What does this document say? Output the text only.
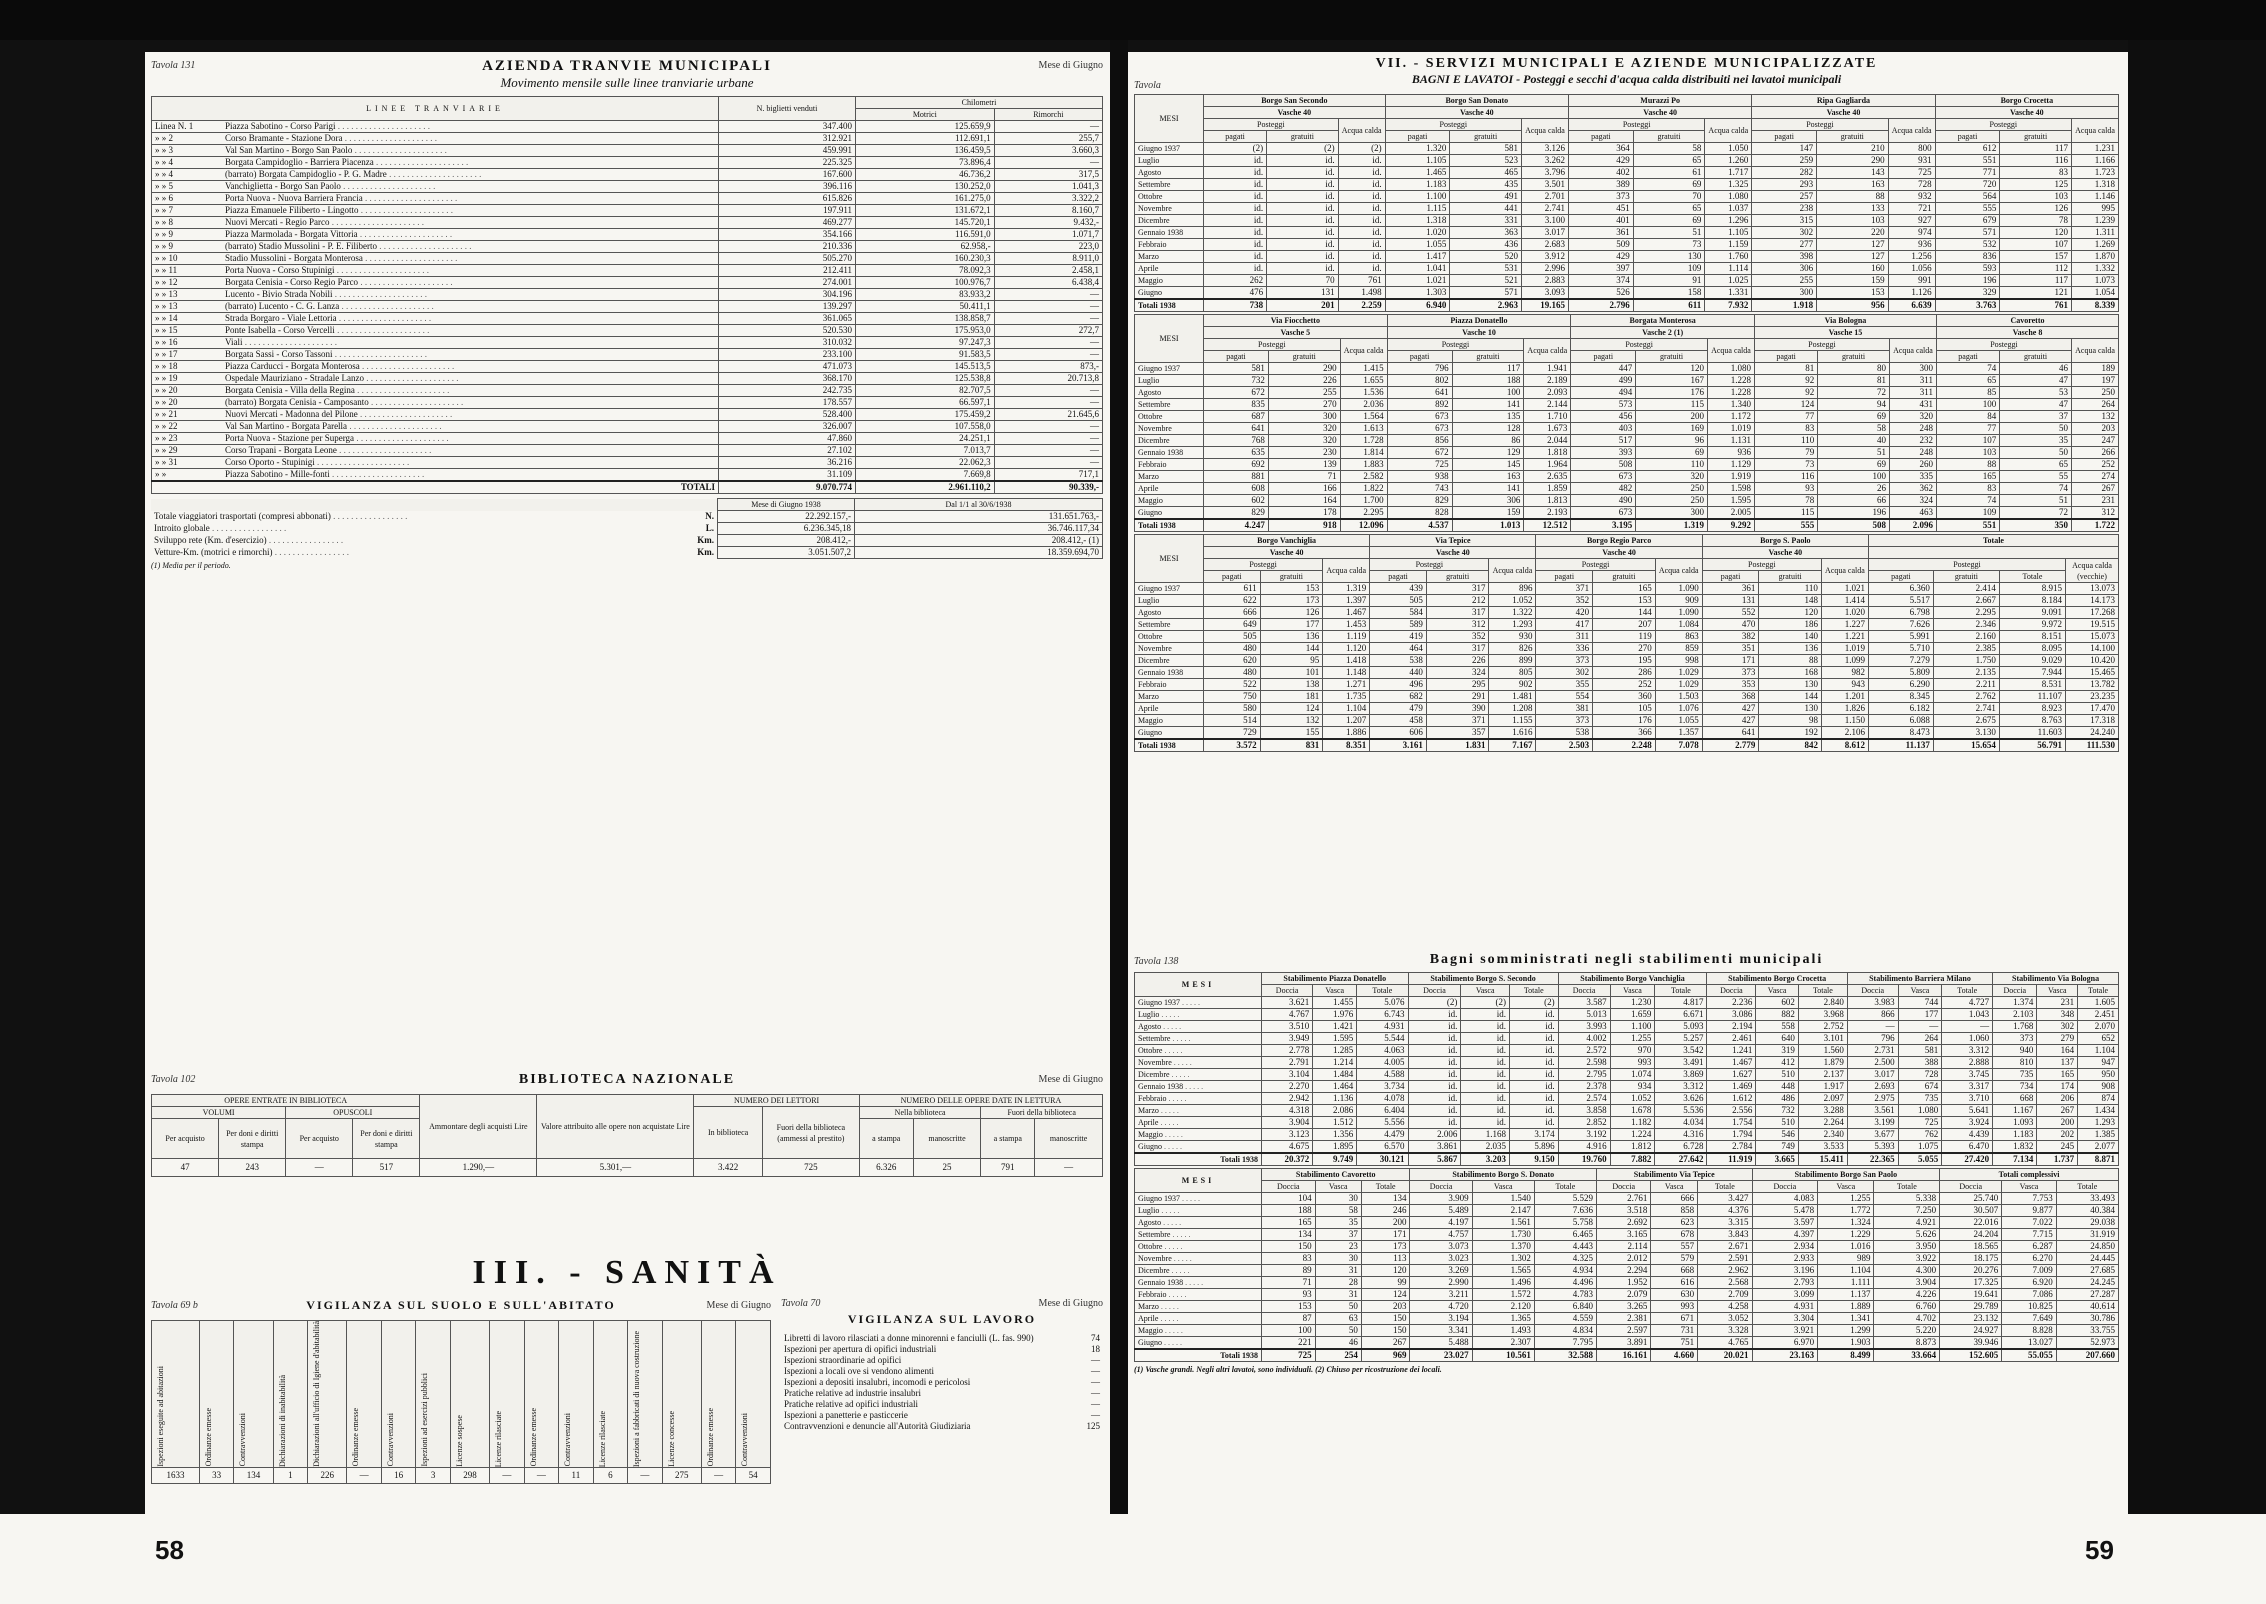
Tavola 131	Mese di Giugno
AZIENDA TRANVIE MUNICIPALI
Movimento mensile sulle linee tranviarie urbane
LINEE TRANVIARIE	N. biglietti venduti	Chilometri	
		Motrici	Rimorchi
Linea N. 1 Piazza Sabotino - Corso Parigi . . . . . . . . . . . . . . . . . . . . .	347.400	125.659,9	—
» » 2 Corso Bramante - Stazione Dora . . . . . . . . . . . . . . . . . . . . .	312.921	112.691,1	255,7
» » 3 Val San Martino - Borgo San Paolo . . . . . . . . . . . . . . . . . . . . .	459.991	136.459,5	3.660,3
» » 4 Borgata Campidoglio - Barriera Piacenza . . . . . . . . . . . . . . . . . . . . .	225.325	73.896,4	—
» » 4 (barrato) Borgata Campidoglio - P. G. Madre . . . . . . . . . . . . . . . . . . . . .	167.600	46.736,2	317,5
» » 5 Vanchiglietta - Borgo San Paolo . . . . . . . . . . . . . . . . . . . . .	396.116	130.252,0	1.041,3
» » 6 Porta Nuova - Nuova Barriera Francia . . . . . . . . . . . . . . . . . . . . .	615.826	161.275,0	3.322,2
» » 7 Piazza Emanuele Filiberto - Lingotto . . . . . . . . . . . . . . . . . . . . .	197.911	131.672,1	8.160,7
» » 8 Nuovi Mercati - Regio Parco . . . . . . . . . . . . . . . . . . . . .	469.277	145.720,1	9.432,-
» » 9 Piazza Marmolada - Borgata Vittoria . . . . . . . . . . . . . . . . . . . . .	354.166	116.591,0	1.071,7
» » 9 (barrato) Stadio Mussolini - P. E. Filiberto . . . . . . . . . . . . . . . . . . . . .	210.336	62.958,-	223,0
» » 10 Stadio Mussolini - Borgata Monterosa . . . . . . . . . . . . . . . . . . . . .	505.270	160.230,3	8.911,0
» » 11 Porta Nuova - Corso Stupinigi . . . . . . . . . . . . . . . . . . . . .	212.411	78.092,3	2.458,1
» » 12 Borgata Cenisia - Corso Regio Parco . . . . . . . . . . . . . . . . . . . . .	274.001	100.976,7	6.438,4
» » 13 Lucento - Bivio Strada Nobili . . . . . . . . . . . . . . . . . . . . .	304.196	83.933,2	—
» » 13 (barrato) Lucento - C. G. Lanza . . . . . . . . . . . . . . . . . . . . .	139.297	50.411,1	—
» » 14 Strada Borgaro - Viale Lettoria . . . . . . . . . . . . . . . . . . . . .	361.065	138.858,7	—
» » 15 Ponte Isabella - Corso Vercelli . . . . . . . . . . . . . . . . . . . . .	520.530	175.953,0	272,7
» » 16 Viali . . . . . . . . . . . . . . . . . . . . .	310.032	97.247,3	—
» » 17 Borgata Sassi - Corso Tassoni . . . . . . . . . . . . . . . . . . . . .	233.100	91.583,5	—
» » 18 Piazza Carducci - Borgata Monterosa . . . . . . . . . . . . . . . . . . . . .	471.073	145.513,5	873,-
» » 19 Ospedale Mauriziano - Stradale Lanzo . . . . . . . . . . . . . . . . . . . . .	368.170	125.538,8	20.713,8
» » 20 Borgata Cenisia - Villa della Regina . . . . . . . . . . . . . . . . . . . . .	242.735	82.707,5	—
» » 20 (barrato) Borgata Cenisia - Camposanto . . . . . . . . . . . . . . . . . . . . .	178.557	66.597,1	—
» » 21 Nuovi Mercati - Madonna del Pilone . . . . . . . . . . . . . . . . . . . . .	528.400	175.459,2	21.645,6
» » 22 Val San Martino - Borgata Parella . . . . . . . . . . . . . . . . . . . . .	326.007	107.558,0	—
» » 23 Porta Nuova - Stazione per Superga . . . . . . . . . . . . . . . . . . . . .	47.860	24.251,1	—
» » 29 Corso Trapani - Borgata Leone . . . . . . . . . . . . . . . . . . . . .	27.102	7.013,7	—
» » 31 Corso Oporto - Stupinigi . . . . . . . . . . . . . . . . . . . . .	36.216	22.062,3	—
» » Piazza Sabotino - Mille-fonti . . . . . . . . . . . . . . . . . . . . .	31.109	7.669,8	717,1
TOTALI	9.070.774	2.961.110,2	90.339,-
	Mese di Giugno 1938	Dal 1/1 al 30/6/1938
Totale viaggiatori trasportati (compresi abbonati) . . . . . . . . . . . . . . . . . N.	22.292.157,-	131.651.763,-
Introito globale . . . . . . . . . . . . . . . . . L.	6.236.345,18	36.746.117,34
Sviluppo rete (Km. d'esercizio) . . . . . . . . . . . . . . . . . Km.	208.412,-	208.412,- (1)
Vetture-Km. (motrici e rimorchi) . . . . . . . . . . . . . . . . . Km.	3.051.507,2	18.359.694,70
(1) Media per il periodo.
Tavola 102	Mese di Giugno
BIBLIOTECA NAZIONALE
OPERE ENTRATE IN BIBLIOTECA				Ammontare degli acquisti Lire	Valore attribuito alle opere non acquistate Lire	NUMERO DEI LETTORI		NUMERO DELLE OPERE DATE IN LETTURA			
VOLUMI		OPUSCOLI				In biblioteca	Fuori della biblioteca (ammessi al prestito)	Nella biblioteca		Fuori della biblioteca	
Per acquisto	Per doni e diritti stampa	Per acquisto	Per doni e diritti stampa					a stampa	manoscritte	a stampa	manoscritte
47	243	—	517	1.290,—	5.301,—	3.422	725	6.326	25	791	—
III. - SANITÀ
Tavola 69 b	Mese di Giugno
VIGILANZA SUL SUOLO E SULL'ABITATO
Ispezioni eseguite ad abitazioni	Ordinanze emesse	Contravvenzioni	Dichiarazioni di inabitabilità	Dichiarazioni all'ufficio di Igiene d'abitabilità	Ordinanze emesse	Contravvenzioni	Ispezioni ad esercizi pubblici	Licenze sospese	Licenze rilasciate	Ordinanze emesse	Contravvenzioni	Licenze rilasciate	Ispezioni a fabbricati di nuova costruzione	Licenze concesse	Ordinanze emesse	Contravvenzioni

1633	33	134	1	226	—	16	3	298	—	—	11	6	—	275	—	54
Tavola 70	Mese di Giugno
VIGILANZA SUL LAVORO
Libretti di lavoro rilasciati a donne minorenni e fanciulli (L. fas. 990)	74
Ispezioni per apertura di opifici industriali	18
Ispezioni straordinarie ad opifici	—
Ispezioni a locali ove si vendono alimenti	—
Ispezioni a depositi insalubri, incomodi e pericolosi	—
Pratiche relative ad industrie insalubri	—
Pratiche relative ad opifici industriali	—
Ispezioni a panetterie e pasticcerie	—
Contravvenzioni e denuncie all'Autorità Giudiziaria	125
Tavola
VII. - SERVIZI MUNICIPALI E AZIENDE MUNICIPALIZZATE
BAGNI E LAVATOI - Posteggi e secchi d'acqua calda distribuiti nei lavatoi municipali
MESI	Borgo San Secondo			Borgo San Donato			Murazzi Po			Ripa Gagliarda			Borgo Crocetta		
	Vasche 40			Vasche 40			Vasche 40			Vasche 40			Vasche 40		
	Posteggi		Acqua calda	Posteggi		Acqua calda	Posteggi		Acqua calda	Posteggi		Acqua calda	Posteggi		Acqua calda
	pagati	gratuiti		pagati	gratuiti		pagati	gratuiti		pagati	gratuiti		pagati	gratuiti	
Giugno 1937	(2)	(2)	(2)	1.320	581	3.126	364	58	1.050	147	210	800	612	117	1.231
Luglio	id.	id.	id.	1.105	523	3.262	429	65	1.260	259	290	931	551	116	1.166
Agosto	id.	id.	id.	1.465	465	3.796	402	61	1.717	282	143	725	771	83	1.723
Settembre	id.	id.	id.	1.183	435	3.501	389	69	1.325	293	163	728	720	125	1.318
Ottobre	id.	id.	id.	1.100	491	2.701	373	70	1.080	257	88	932	564	103	1.146
Novembre	id.	id.	id.	1.115	441	2.741	451	65	1.037	238	133	721	555	126	995
Dicembre	id.	id.	id.	1.318	331	3.100	401	69	1.296	315	103	927	679	78	1.239
Gennaio 1938	id.	id.	id.	1.020	363	3.017	361	51	1.105	302	220	974	571	120	1.311
Febbraio	id.	id.	id.	1.055	436	2.683	509	73	1.159	277	127	936	532	107	1.269
Marzo	id.	id.	id.	1.417	520	3.912	429	130	1.760	398	127	1.256	836	157	1.870
Aprile	id.	id.	id.	1.041	531	2.996	397	109	1.114	306	160	1.056	593	112	1.332
Maggio	262	70	761	1.021	521	2.883	374	91	1.025	255	159	991	196	117	1.073
Giugno	476	131	1.498	1.303	571	3.093	526	158	1.331	300	153	1.126	329	121	1.054
Totali 1938	738	201	2.259	6.940	2.963	19.165	2.796	611	7.932	1.918	956	6.639	3.763	761	8.339
MESI	Via Fiocchetto			Piazza Donatello			Borgata Monterosa			Via Bologna			Cavoretto		
	Vasche 5			Vasche 10			Vasche 2 (1)			Vasche 15			Vasche 8		
	Posteggi		Acqua calda	Posteggi		Acqua calda	Posteggi		Acqua calda	Posteggi		Acqua calda	Posteggi		Acqua calda
	pagati	gratuiti		pagati	gratuiti		pagati	gratuiti		pagati	gratuiti		pagati	gratuiti	
Giugno 1937	581	290	1.415	796	117	1.941	447	120	1.080	81	80	300	74	46	189
Luglio	732	226	1.655	802	188	2.189	499	167	1.228	92	81	311	65	47	197
Agosto	672	255	1.536	641	100	2.093	494	176	1.228	92	72	311	85	53	250
Settembre	835	270	2.036	892	141	2.144	573	115	1.340	124	94	431	100	47	264
Ottobre	687	300	1.564	673	135	1.710	456	200	1.172	77	69	320	84	37	132
Novembre	641	320	1.613	673	128	1.673	403	169	1.019	83	58	248	77	50	203
Dicembre	768	320	1.728	856	86	2.044	517	96	1.131	110	40	232	107	35	247
Gennaio 1938	635	230	1.814	672	129	1.818	393	69	936	79	51	248	103	50	266
Febbraio	692	139	1.883	725	145	1.964	508	110	1.129	73	69	260	88	65	252
Marzo	881	71	2.582	938	163	2.635	673	320	1.919	116	100	335	165	55	274
Aprile	608	166	1.822	743	141	1.859	482	250	1.598	93	26	362	83	74	267
Maggio	602	164	1.700	829	306	1.813	490	250	1.595	78	66	324	74	51	231
Giugno	829	178	2.295	828	159	2.193	673	300	2.005	115	196	463	109	72	312
Totali 1938	4.247	918	12.096	4.537	1.013	12.512	3.195	1.319	9.292	555	508	2.096	551	350	1.722
MESI	Borgo Vanchiglia			Via Tepice			Borgo Regio Parco			Borgo S. Paolo			Totale			
	Vasche 40			Vasche 40			Vasche 40			Vasche 40						
	Posteggi		Acqua calda	Posteggi		Acqua calda	Posteggi		Acqua calda	Posteggi		Acqua calda	Posteggi			Acqua calda (vecchie)
	pagati	gratuiti		pagati	gratuiti		pagati	gratuiti		pagati	gratuiti		pagati	gratuiti	Totale	
Giugno 1937	611	153	1.319	439	317	896	371	165	1.090	361	110	1.021	6.360	2.414	8.915	13.073
Luglio	622	173	1.397	505	212	1.052	352	153	909	131	148	1.414	5.517	2.667	8.184	14.173
Agosto	666	126	1.467	584	317	1.322	420	144	1.090	552	120	1.020	6.798	2.295	9.091	17.268
Settembre	649	177	1.453	589	312	1.293	417	207	1.084	470	186	1.227	7.626	2.346	9.972	19.515
Ottobre	505	136	1.119	419	352	930	311	119	863	382	140	1.221	5.991	2.160	8.151	15.073
Novembre	480	144	1.120	464	317	826	336	270	859	351	136	1.019	5.710	2.385	8.095	14.100
Dicembre	620	95	1.418	538	226	899	373	195	998	171	88	1.099	7.279	1.750	9.029	10.420
Gennaio 1938	480	101	1.148	440	324	805	302	286	1.029	373	168	982	5.809	2.135	7.944	15.465
Febbraio	522	138	1.271	496	295	902	355	252	1.029	353	130	943	6.290	2.211	8.531	13.782
Marzo	750	181	1.735	682	291	1.481	554	360	1.503	368	144	1.201	8.345	2.762	11.107	23.235
Aprile	580	124	1.104	479	390	1.208	381	105	1.076	427	130	1.826	6.182	2.741	8.923	17.470
Maggio	514	132	1.207	458	371	1.155	373	176	1.055	427	98	1.150	6.088	2.675	8.763	17.318
Giugno	729	155	1.886	606	357	1.616	538	366	1.357	641	192	2.106	8.473	3.130	11.603	24.240
Totali 1938	3.572	831	8.351	3.161	1.831	7.167	2.503	2.248	7.078	2.779	842	8.612	11.137	15.654	56.791	111.530
Tavola 138	Bagni somministrati negli stabilimenti municipali
MESI	Stabilimento Piazza Donatello			Stabilimento Borgo S. Secondo			Stabilimento Borgo Vanchiglia			Stabilimento Borgo Crocetta			Stabilimento Barriera Milano			Stabilimento Via Bologna		
	Doccia	Vasca	Totale	Doccia	Vasca	Totale	Doccia	Vasca	Totale	Doccia	Vasca	Totale	Doccia	Vasca	Totale	Doccia	Vasca	Totale
Giugno 1937 . . . . .	3.621	1.455	5.076	(2)	(2)	(2)	3.587	1.230	4.817	2.236	602	2.840	3.983	744	4.727	1.374	231	1.605
Luglio . . . . .	4.767	1.976	6.743	id.	id.	id.	5.013	1.659	6.671	3.086	882	3.968	866	177	1.043	2.103	348	2.451
Agosto . . . . .	3.510	1.421	4.931	id.	id.	id.	3.993	1.100	5.093	2.194	558	2.752	—	—	—	1.768	302	2.070
Settembre . . . . .	3.949	1.595	5.544	id.	id.	id.	4.002	1.255	5.257	2.461	640	3.101	796	264	1.060	373	279	652
Ottobre . . . . .	2.778	1.285	4.063	id.	id.	id.	2.572	970	3.542	1.241	319	1.560	2.731	581	3.312	940	164	1.104
Novembre . . . . .	2.791	1.214	4.005	id.	id.	id.	2.598	993	3.491	1.467	412	1.879	2.500	388	2.888	810	137	947
Dicembre . . . . .	3.104	1.484	4.588	id.	id.	id.	2.795	1.074	3.869	1.627	510	2.137	3.017	728	3.745	735	165	950
Gennaio 1938 . . . . .	2.270	1.464	3.734	id.	id.	id.	2.378	934	3.312	1.469	448	1.917	2.693	674	3.317	734	174	908
Febbraio . . . . .	2.942	1.136	4.078	id.	id.	id.	2.574	1.052	3.626	1.612	486	2.097	2.975	735	3.710	668	206	874
Marzo . . . . .	4.318	2.086	6.404	id.	id.	id.	3.858	1.678	5.536	2.556	732	3.288	3.561	1.080	5.641	1.167	267	1.434
Aprile . . . . .	3.904	1.512	5.556	id.	id.	id.	2.852	1.182	4.034	1.754	510	2.264	3.199	725	3.924	1.093	200	1.293
Maggio . . . . .	3.123	1.356	4.479	2.006	1.168	3.174	3.192	1.224	4.316	1.794	546	2.340	3.677	762	4.439	1.183	202	1.385
Giugno . . . . .	4.675	1.895	6.570	3.861	2.035	5.896	4.916	1.812	6.728	2.784	749	3.533	5.393	1.075	6.470	1.832	245	2.077
Totali 1938	20.372	9.749	30.121	5.867	3.203	9.150	19.760	7.882	27.642	11.919	3.665	15.411	22.365	5.055	27.420	7.134	1.737	8.871
MESI	Stabilimento Cavoretto			Stabilimento Borgo S. Donato			Stabilimento Via Tepice			Stabilimento Borgo San Paolo			Totali complessivi		
	Doccia	Vasca	Totale	Doccia	Vasca	Totale	Doccia	Vasca	Totale	Doccia	Vasca	Totale	Doccia	Vasca	Totale
Giugno 1937 . . . . .	104	30	134	3.909	1.540	5.529	2.761	666	3.427	4.083	1.255	5.338	25.740	7.753	33.493
Luglio . . . . .	188	58	246	5.489	2.147	7.636	3.518	858	4.376	5.478	1.772	7.250	30.507	9.877	40.384
Agosto . . . . .	165	35	200	4.197	1.561	5.758	2.692	623	3.315	3.597	1.324	4.921	22.016	7.022	29.038
Settembre . . . . .	134	37	171	4.757	1.730	6.465	3.165	678	3.843	4.397	1.229	5.626	24.204	7.715	31.919
Ottobre . . . . .	150	23	173	3.073	1.370	4.443	2.114	557	2.671	2.934	1.016	3.950	18.565	6.287	24.850
Novembre . . . . .	83	30	113	3.023	1.302	4.325	2.012	579	2.591	2.933	989	3.922	18.175	6.270	24.445
Dicembre . . . . .	89	31	120	3.269	1.565	4.934	2.294	668	2.962	3.196	1.104	4.300	20.276	7.009	27.685
Gennaio 1938 . . . . .	71	28	99	2.990	1.496	4.496	1.952	616	2.568	2.793	1.111	3.904	17.325	6.920	24.245
Febbraio . . . . .	93	31	124	3.211	1.572	4.783	2.079	630	2.709	3.099	1.137	4.226	19.641	7.086	27.287
Marzo . . . . .	153	50	203	4.720	2.120	6.840	3.265	993	4.258	4.931	1.889	6.760	29.789	10.825	40.614
Aprile . . . . .	87	63	150	3.194	1.365	4.559	2.381	671	3.052	3.304	1.341	4.702	23.132	7.649	30.786
Maggio . . . . .	100	50	150	3.341	1.493	4.834	2.597	731	3.328	3.921	1.299	5.220	24.927	8.828	33.755
Giugno . . . . .	221	46	267	5.488	2.307	7.795	3.891	751	4.765	6.970	1.903	8.873	39.946	13.027	52.973
Totali 1938	725	254	969	23.027	10.561	32.588	16.161	4.660	20.021	23.163	8.499	33.664	152.605	55.055	207.660
(1) Vasche grandi. Negli altri lavatoi, sono individuali. (2) Chiuso per ricostruzione dei locali.
58	59
